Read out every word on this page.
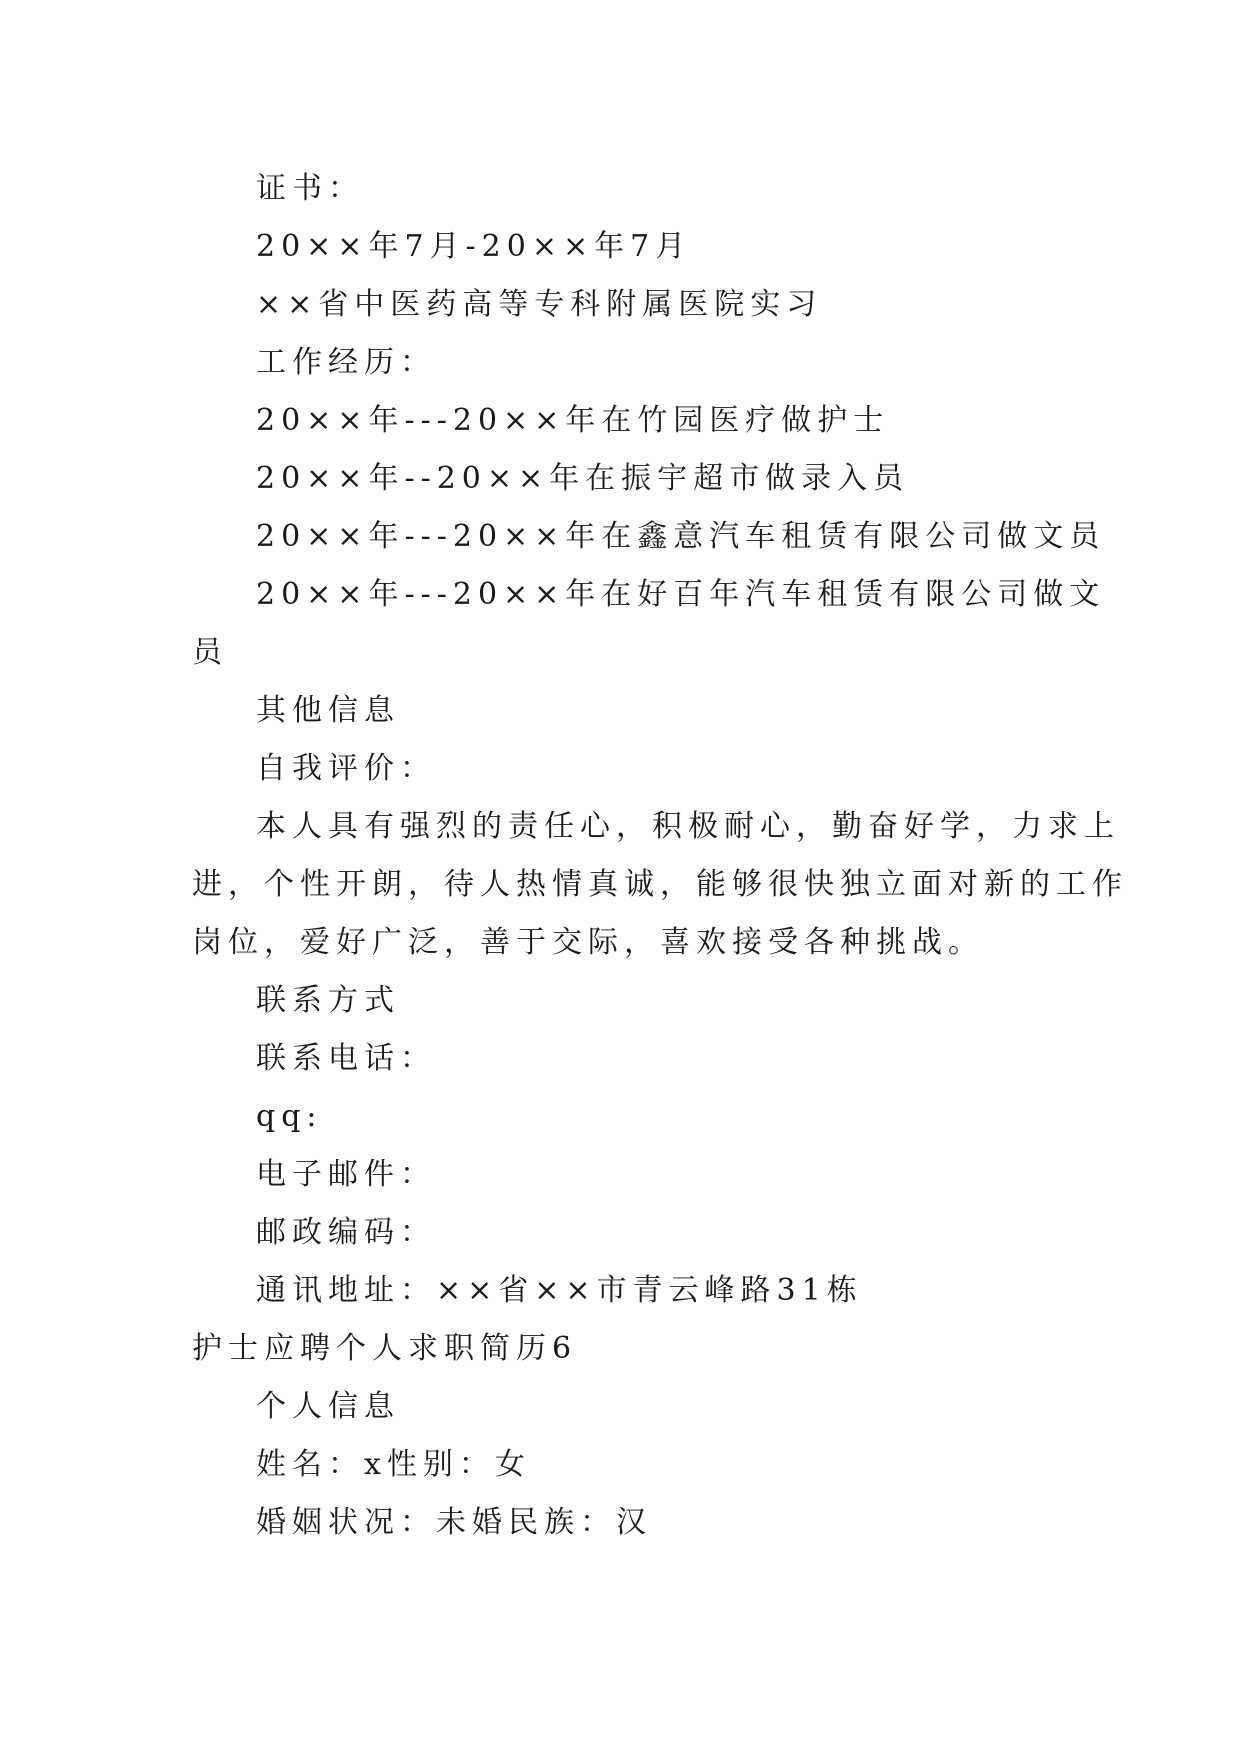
证书：
20××年7月-20××年7月
××省中医药高等专科附属医院实习
工作经历：
20××年---20××年在竹园医疗做护士
20××年--20××年在振宇超市做录入员
20××年---20××年在鑫意汽车租赁有限公司做文员
20××年---20××年在好百年汽车租赁有限公司做文
员
其他信息
自我评价：
本人具有强烈的责任心，积极耐心，勤奋好学，力求上
进，个性开朗，待人热情真诚，能够很快独立面对新的工作
岗位，爱好广泛，善于交际，喜欢接受各种挑战。
联系方式
联系电话：
qq:
电子邮件：
邮政编码：
通讯地址：××省××市青云峰路31栋
护士应聘个人求职简历6
个人信息
姓名：x性别：女
婚姻状况：未婚民族：汉
